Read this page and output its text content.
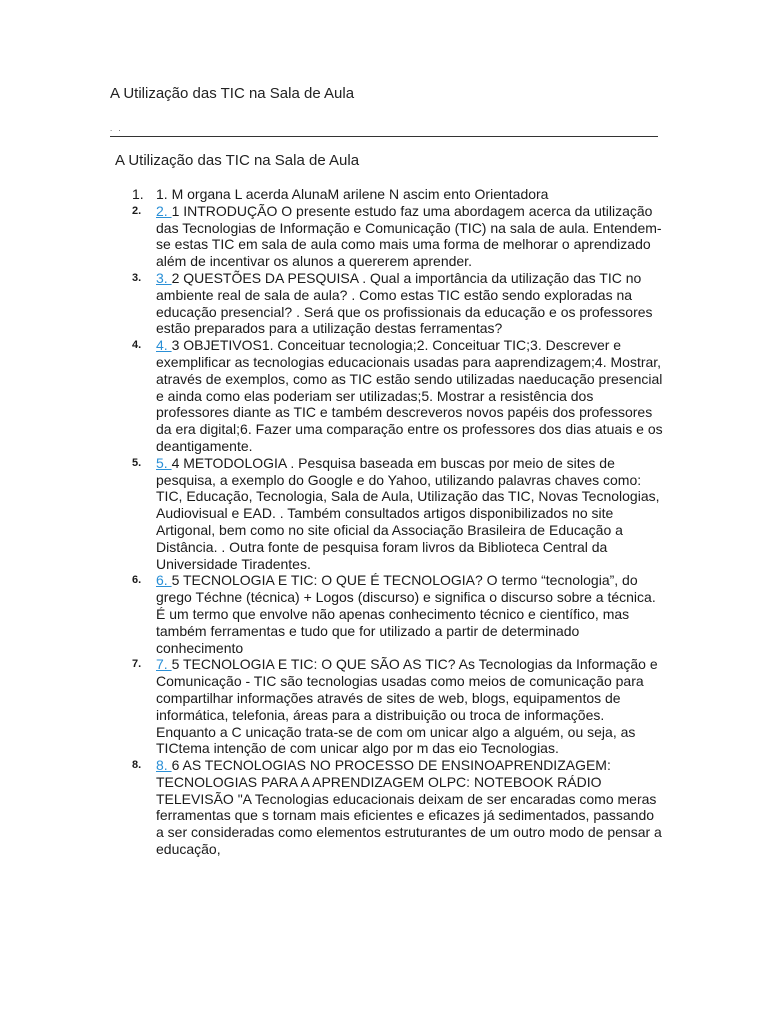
A Utilização das TIC na Sala de Aula
. .
A Utilização das TIC na Sala de Aula
1. 1. M organa L acerda AlunaM arilene N ascim ento Orientadora
2. 2. 1 INTRODUÇÃO O presente estudo faz uma abordagem acerca da utilização das Tecnologias de Informação e Comunicação (TIC) na sala de aula. Entendem-se estas TIC em sala de aula como mais uma forma de melhorar o aprendizado além de incentivar os alunos a quererem aprender.
3. 3. 2 QUESTÕES DA PESQUISA . Qual a importância da utilização das TIC no ambiente real de sala de aula? . Como estas TIC estão sendo exploradas na educação presencial? . Será que os profissionais da educação e os professores estão preparados para a utilização destas ferramentas?
4. 4. 3 OBJETIVOS1. Conceituar tecnologia;2. Conceituar TIC;3. Descrever e exemplificar as tecnologias educacionais usadas para aaprendizagem;4. Mostrar, através de exemplos, como as TIC estão sendo utilizadas naeducação presencial e ainda como elas poderiam ser utilizadas;5. Mostrar a resistência dos professores diante as TIC e também descreveros novos papéis dos professores da era digital;6. Fazer uma comparação entre os professores dos dias atuais e os deantigamente.
5. 5. 4 METODOLOGIA . Pesquisa baseada em buscas por meio de sites de pesquisa, a exemplo do Google e do Yahoo, utilizando palavras chaves como: TIC, Educação, Tecnologia, Sala de Aula, Utilização das TIC, Novas Tecnologias, Audiovisual e EAD. . Também consultados artigos disponibilizados no site Artigonal, bem como no site oficial da Associação Brasileira de Educação a Distância. . Outra fonte de pesquisa foram livros da Biblioteca Central da Universidade Tiradentes.
6. 6. 5 TECNOLOGIA E TIC: O QUE É TECNOLOGIA? O termo “tecnologia”, do grego Téchne (técnica) + Logos (discurso) e significa o discurso sobre a técnica. É um termo que envolve não apenas conhecimento técnico e científico, mas também ferramentas e tudo que for utilizado a partir de determinado conhecimento
7. 7. 5 TECNOLOGIA E TIC: O QUE SÃO AS TIC? As Tecnologias da Informação e Comunicação - TIC são tecnologias usadas como meios de comunicação para compartilhar informações através de sites de web, blogs, equipamentos de informática, telefonia, áreas para a distribuição ou troca de informações. Enquanto a C unicação trata-se de com om unicar algo a alguém, ou seja, as TICtema intenção de com unicar algo por m das eio Tecnologias.
8. 8. 6 AS TECNOLOGIAS NO PROCESSO DE ENSINOAPRENDIZAGEM: TECNOLOGIAS PARA A APRENDIZAGEM OLPC: NOTEBOOK RÁDIO TELEVISÃO "A Tecnologias educacionais deixam de ser encaradas como meras ferramentas que s tornam mais eficientes e eficazes já sedimentados, passando a ser consideradas como elementos estruturantes de um outro modo de pensar a educação,
